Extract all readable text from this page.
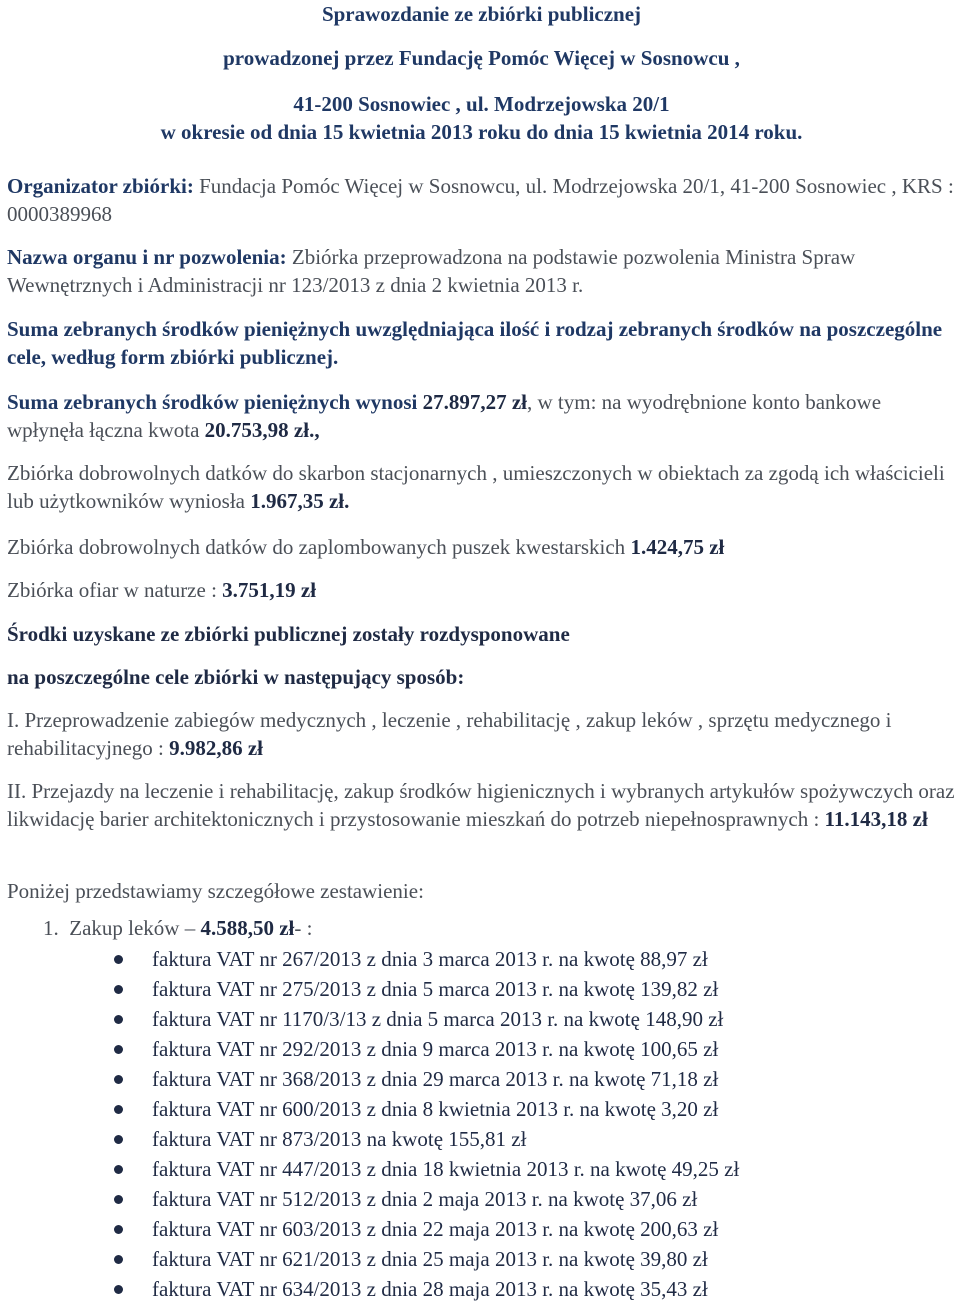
Sprawozdanie ze zbiórki publicznej

prowadzonej przez Fundację Pomóc Więcej w Sosnowcu ,

41-200 Sosnowiec , ul. Modrzejowska 20/1

w okresie od dnia 15 kwietnia 2013 roku do dnia 15 kwietnia 2014 roku.

Organizator zbiórki: Fundacja Pomóc Więcej w Sosnowcu, ul. Modrzejowska 20/1, 41-200 Sosnowiec , KRS : 0000389968

Nazwa organu i nr pozwolenia: Zbiórka przeprowadzona na podstawie pozwolenia Ministra Spraw Wewnętrznych i Administracji nr 123/2013 z dnia 2 kwietnia 2013 r.

Suma zebranych środków pieniężnych uwzględniająca ilość i rodzaj zebranych środków na poszczególne cele, według form zbiórki publicznej.

Suma zebranych środków pieniężnych wynosi 27.897,27 zł, w tym: na wyodrębnione konto bankowe wpłynęła łączna kwota 20.753,98 zł.,

Zbiórka dobrowolnych datków do skarbon stacjonarnych , umieszczonych w obiektach za zgodą ich właścicieli lub użytkowników wyniosła 1.967,35 zł.

Zbiórka dobrowolnych datków do zaplombowanych puszek kwestarskich 1.424,75 zł

Zbiórka ofiar w naturze : 3.751,19 zł

Środki uzyskane ze zbiórki publicznej zostały rozdysponowane

na poszczególne cele zbiórki w następujący sposób:

I. Przeprowadzenie zabiegów medycznych , leczenie , rehabilitację , zakup leków , sprzętu medycznego i rehabilitacyjnego : 9.982,86 zł

II. Przejazdy na leczenie i rehabilitację, zakup środków higienicznych i wybranych artykułów spożywczych oraz likwidację barier architektonicznych i przystosowanie mieszkań do potrzeb niepełnosprawnych : 11.143,18 zł

Poniżej przedstawiamy szczegółowe zestawienie:

1. Zakup leków – 4.588,50 zł- :

faktura VAT nr 267/2013 z dnia 3 marca 2013 r. na kwotę 88,97 zł
faktura VAT nr 275/2013 z dnia 5 marca 2013 r. na kwotę 139,82 zł
faktura VAT nr 1170/3/13 z dnia 5 marca 2013 r. na kwotę 148,90 zł
faktura VAT nr 292/2013 z dnia 9 marca 2013 r. na kwotę 100,65 zł
faktura VAT nr 368/2013 z dnia 29 marca 2013 r. na kwotę 71,18 zł
faktura VAT nr 600/2013 z dnia 8 kwietnia 2013 r. na kwotę 3,20 zł
faktura VAT nr 873/2013 na kwotę 155,81 zł
faktura VAT nr 447/2013 z dnia 18 kwietnia 2013 r. na kwotę 49,25 zł
faktura VAT nr 512/2013 z dnia 2 maja 2013 r. na kwotę 37,06 zł
faktura VAT nr 603/2013 z dnia 22 maja 2013 r. na kwotę 200,63 zł
faktura VAT nr 621/2013 z dnia 25 maja 2013 r. na kwotę 39,80 zł
faktura VAT nr 634/2013 z dnia 28 maja 2013 r. na kwotę 35,43 zł
